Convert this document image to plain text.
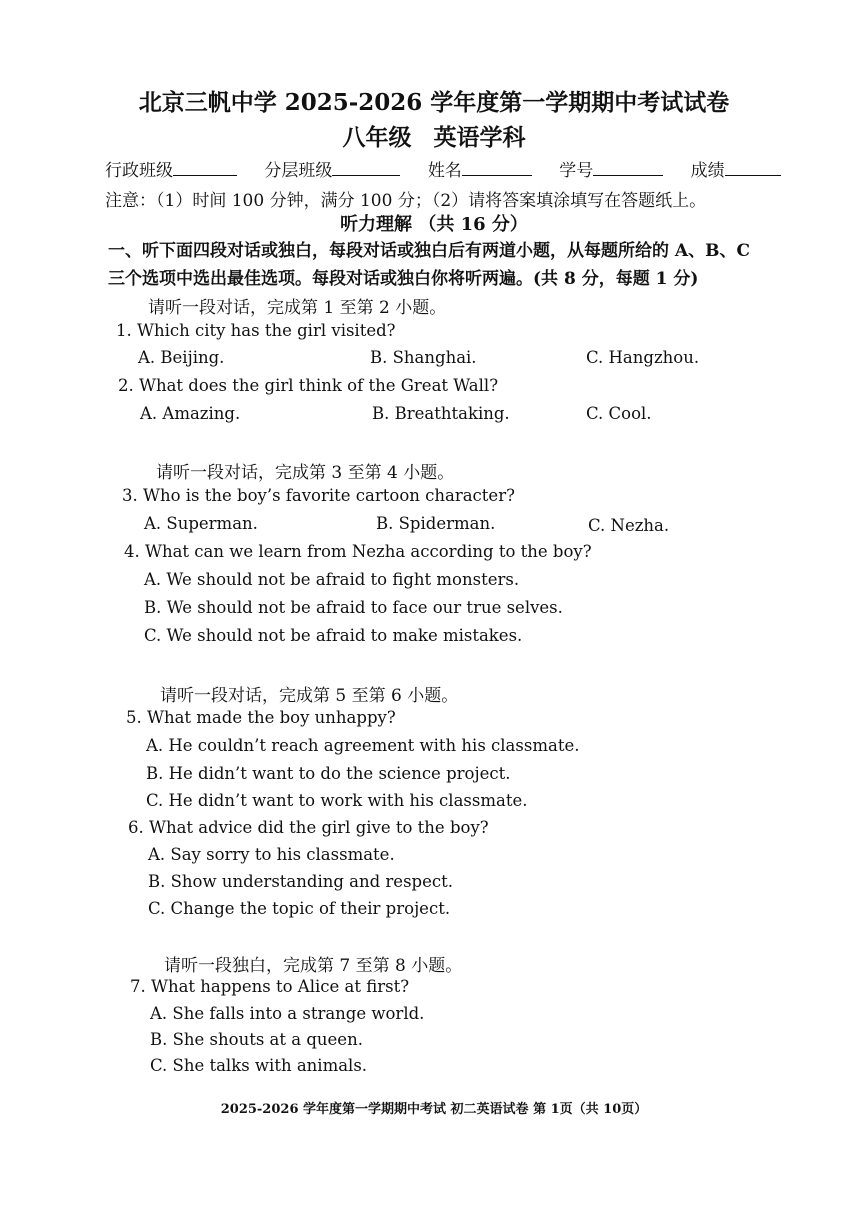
北京三帆中学 2025-2026 学年度第一学期期中考试试卷
八年级 英语学科
行政班级	分层班级	姓名	学号	成绩
注意：（1）时间 100 分钟，满分 100 分；（2）请将答案填涂填写在答题纸上。
听力理解 （共 16 分）
一、听下面四段对话或独白，每段对话或独白后有两道小题，从每题所给的 A、B、C
三个选项中选出最佳选项。每段对话或独白你将听两遍。(共 8 分，每题 1 分)
请听一段对话，完成第 1 至第 2 小题。
1. Which city has the girl visited?
A. Beijing.	B. Shanghai.	C. Hangzhou.
2. What does the girl think of the Great Wall?
A. Amazing.	B. Breathtaking.	C. Cool.
请听一段对话，完成第 3 至第 4 小题。
3. Who is the boy’s favorite cartoon character?
A. Superman.	B. Spiderman.	C. Nezha.
4. What can we learn from Nezha according to the boy?
A. We should not be afraid to fight monsters.
B. We should not be afraid to face our true selves.
C. We should not be afraid to make mistakes.
请听一段对话，完成第 5 至第 6 小题。
5. What made the boy unhappy?
A. He couldn’t reach agreement with his classmate.
B. He didn’t want to do the science project.
C. He didn’t want to work with his classmate.
6. What advice did the girl give to the boy?
A. Say sorry to his classmate.
B. Show understanding and respect.
C. Change the topic of their project.
请听一段独白，完成第 7 至第 8 小题。
7. What happens to Alice at first?
A. She falls into a strange world.
B. She shouts at a queen.
C. She talks with animals.
2025-2026 学年度第一学期期中考试 初二英语试卷 第 1页（共 10页）
